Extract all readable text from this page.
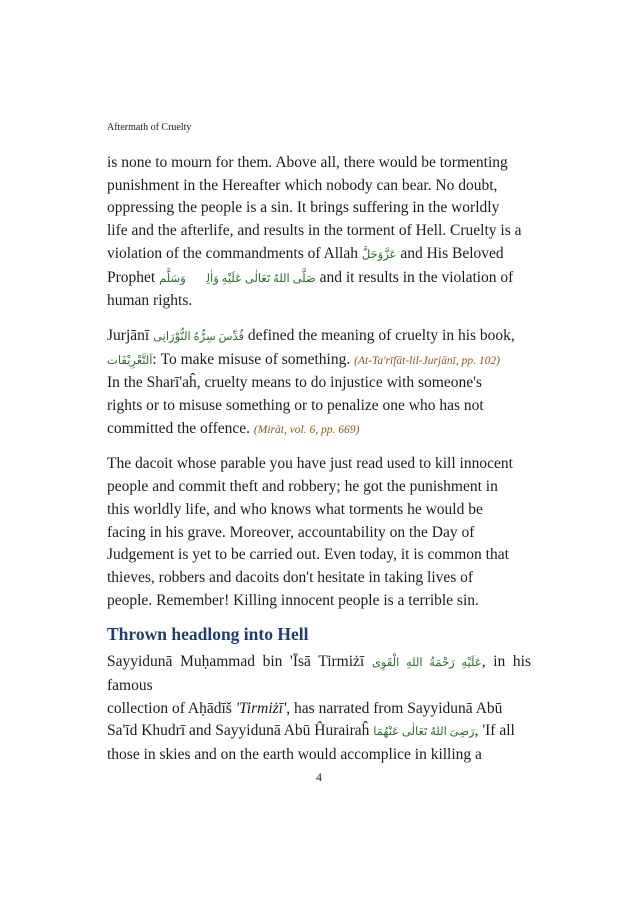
Aftermath of Cruelty
is none to mourn for them. Above all, there would be tormenting
punishment in the Hereafter which nobody can bear. No doubt,
oppressing the people is a sin. It brings suffering in the worldly
life and the afterlife, and results in the torment of Hell. Cruelty is a
violation of the commandments of Allah عَزَّوَجَلَّ and His Beloved
Prophet صَلَّى اللهُ تَعَالٰى عَلَيْهِ وَاٰلِهٖ وَسَلَّم and it results in the violation of
human rights.
Jurjānī قُدِّسَ سِرُّهُ النُّوْرَانِى defined the meaning of cruelty in his book,
اَلتَّعْرِيْفَات: To make misuse of something. (At-Ta'rīfāt-lil-Jurjānī, pp. 102)
In the Sharī'aĥ, cruelty means to do injustice with someone's
rights or to misuse something or to penalize one who has not
committed the offence. (Mirāt, vol. 6, pp. 669)
The dacoit whose parable you have just read used to kill innocent
people and commit theft and robbery; he got the punishment in
this worldly life, and who knows what torments he would be
facing in his grave. Moreover, accountability on the Day of
Judgement is yet to be carried out. Even today, it is common that
thieves, robbers and dacoits don't hesitate in taking lives of
people. Remember! Killing innocent people is a terrible sin.
Thrown headlong into Hell
Sayyidunā Muḥammad bin 'Īsā Tirmiżī عَلَيْهِ رَحْمَةُ اللهِ الْقَوِى, in his famous
collection of Aḥādīš 'Tirmiżī', has narrated from Sayyidunā Abū
Sa'īd Khudrī and Sayyidunā Abū Ĥurairaĥ رَضِىَ اللهُ تَعَالٰى عَنْهُمَا, 'If all
those in skies and on the earth would accomplice in killing a
4
